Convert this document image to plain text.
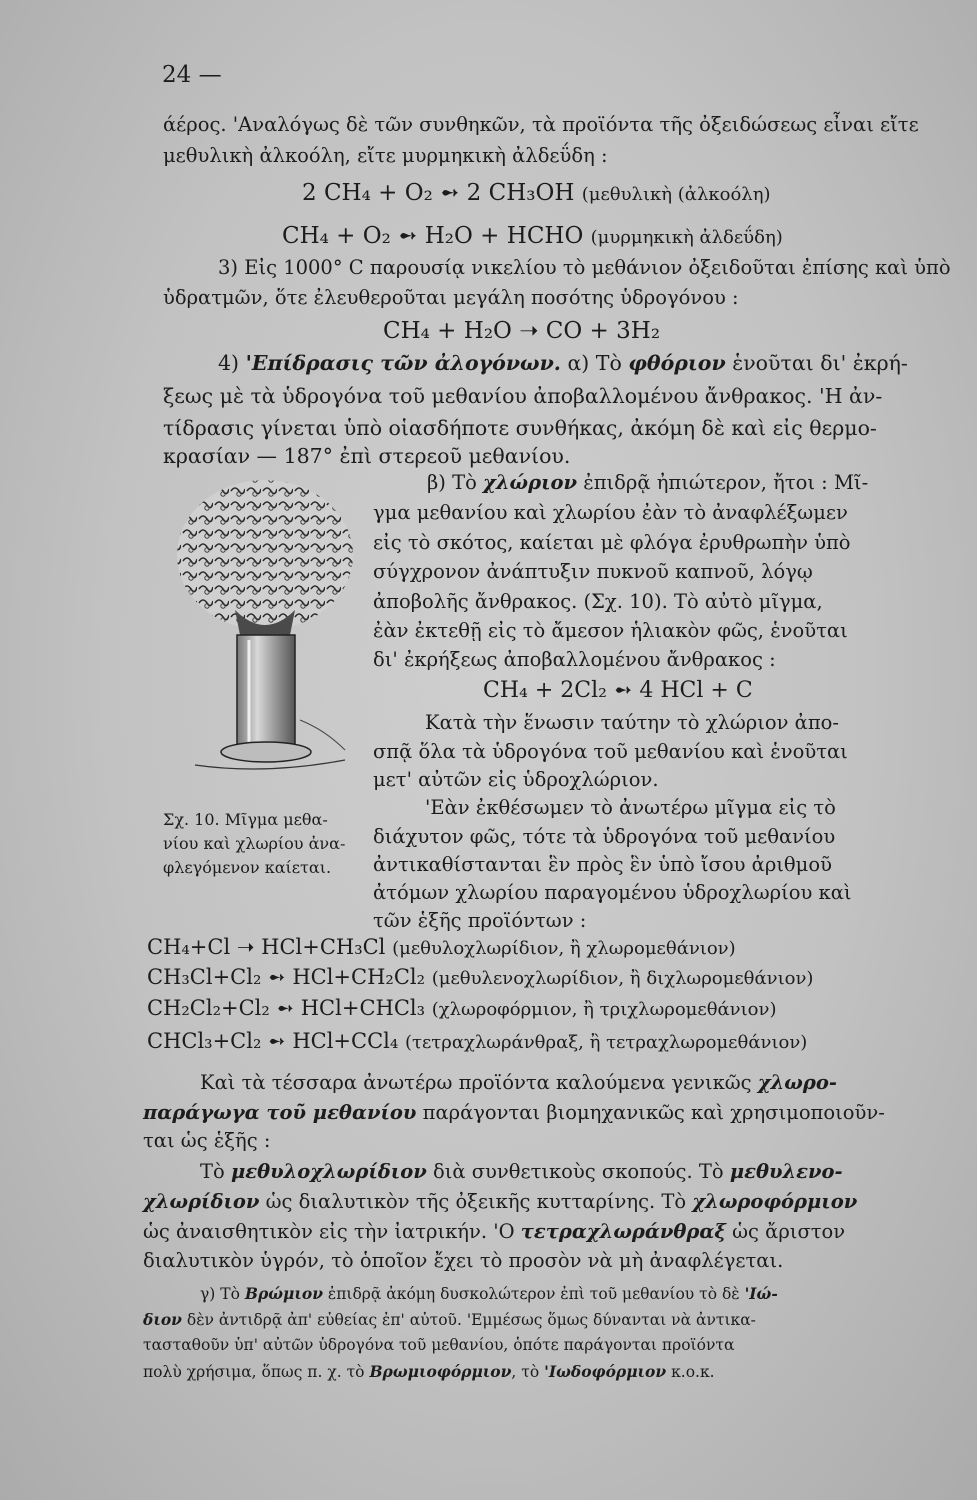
24 —
άέρος. 'Αναλόγως δὲ τῶν συνθηκῶν, τὰ προϊόντα τῆς ὀξειδώσεως εἶναι εἴτε
μεθυλικὴ ἀλκοόλη, εἴτε μυρμηκικὴ ἀλδεΰδη :
2 CH₄ + O₂ ➻ 2 CH₃OH (μεθυλικὴ (ἀλκοόλη)
CH₄ + O₂ ➻ H₂O + HCHO (μυρμηκικὴ ἀλδεΰδη)
3) Εἰς 1000° C παρουσίᾳ νικελίου τὸ μεθάνιον ὀξειδοῦται ἐπίσης καὶ ὑπὸ
ὑδρατμῶν, ὅτε ἐλευθεροῦται μεγάλη ποσότης ὑδρογόνου :
CH₄ + H₂O ➝ CO + 3H₂
4) 'Επίδρασις τῶν ἀλογόνων. α) Τὸ φθόριον ἑνοῦται δι' ἐκρή-
ξεως μὲ τὰ ὑδρογόνα τοῦ μεθανίου ἀποβαλλομένου ἄνθρακος. 'Η ἀν-
τίδρασις γίνεται ὑπὸ οἱασδήποτε συνθήκας, ἀκόμη δὲ καὶ εἰς θερμο-
κρασίαν — 187° ἐπὶ στερεοῦ μεθανίου.
β) Τὸ χλώριον ἐπιδρᾷ ἠπιώτερον, ἤτοι : Μῖ-
γμα μεθανίου καὶ χλωρίου ἐὰν τὸ ἀναφλέξωμεν
εἰς τὸ σκότος, καίεται μὲ φλόγα ἐρυθρωπὴν ὑπὸ
σύγχρονον ἀνάπτυξιν πυκνοῦ καπνοῦ, λόγῳ
ἀποβολῆς ἄνθρακος. (Σχ. 10). Τὸ αὐτὸ μῖγμα,
ἐὰν ἐκτεθῇ εἰς τὸ ἄμεσον ἡλιακὸν φῶς, ἑνοῦται
δι' ἐκρήξεως ἀποβαλλομένου ἄνθρακος :
CH₄ + 2Cl₂ ➻ 4 HCl + C
Κατὰ τὴν ἕνωσιν ταύτην τὸ χλώριον ἀπο-
σπᾷ ὅλα τὰ ὑδρογόνα τοῦ μεθανίου καὶ ἑνοῦται
μετ' αὐτῶν εἰς ὑδροχλώριον.
'Εὰν ἐκθέσωμεν τὸ ἀνωτέρω μῖγμα εἰς τὸ
διάχυτον φῶς, τότε τὰ ὑδρογόνα τοῦ μεθανίου
ἀντικαθίστανται ἓν πρὸς ἓν ὑπὸ ἴσου ἀριθμοῦ
ἀτόμων χλωρίου παραγομένου ὑδροχλωρίου καὶ
τῶν ἑξῆς προϊόντων :
Σχ. 10. Μῖγμα μεθα-
νίου καὶ χλωρίου ἀνα-
φλεγόμενον καίεται.
CH₄+Cl ➝ HCl+CH₃Cl (μεθυλοχλωρίδιον, ἢ χλωρομεθάνιον)
CH₃Cl+Cl₂ ➻ HCl+CH₂Cl₂ (μεθυλενοχλωρίδιον, ἢ διχλωρομεθάνιον)
CH₂Cl₂+Cl₂ ➻ HCl+CHCl₃ (χλωροφόρμιον, ἢ τριχλωρομεθάνιον)
CHCl₃+Cl₂ ➻ HCl+CCl₄ (τετραχλωράνθραξ, ἢ τετραχλωρομεθάνιον)
Καὶ τὰ τέσσαρα ἀνωτέρω προϊόντα καλούμενα γενικῶς χλωρο-
παράγωγα τοῦ μεθανίου παράγονται βιομηχανικῶς καὶ χρησιμοποιοῦν-
ται ὡς ἑξῆς :
Τὸ μεθυλοχλωρίδιον διὰ συνθετικοὺς σκοπούς. Τὸ μεθυλενο-
χλωρίδιον ὡς διαλυτικὸν τῆς ὀξεικῆς κυτταρίνης. Τὸ χλωροφόρμιον
ὡς ἀναισθητικὸν εἰς τὴν ἰατρικήν. 'Ο τετραχλωράνθραξ ὡς ἄριστον
διαλυτικὸν ὑγρόν, τὸ ὁποῖον ἔχει τὸ προσὸν νὰ μὴ ἀναφλέγεται.
γ) Τὸ Βρώμιον ἐπιδρᾷ ἀκόμη δυσκολώτερον ἐπὶ τοῦ μεθανίου τὸ δὲ 'Ιώ-
διον δὲν ἀντιδρᾷ ἀπ' εὐθείας ἐπ' αὐτοῦ. 'Εμμέσως ὅμως δύνανται νὰ ἀντικα-
τασταθοῦν ὑπ' αὐτῶν ὑδρογόνα τοῦ μεθανίου, ὁπότε παράγονται προϊόντα
πολὺ χρήσιμα, ὅπως π. χ. τὸ Βρωμιοφόρμιον, τὸ 'Ιωδοφόρμιον κ.ο.κ.
